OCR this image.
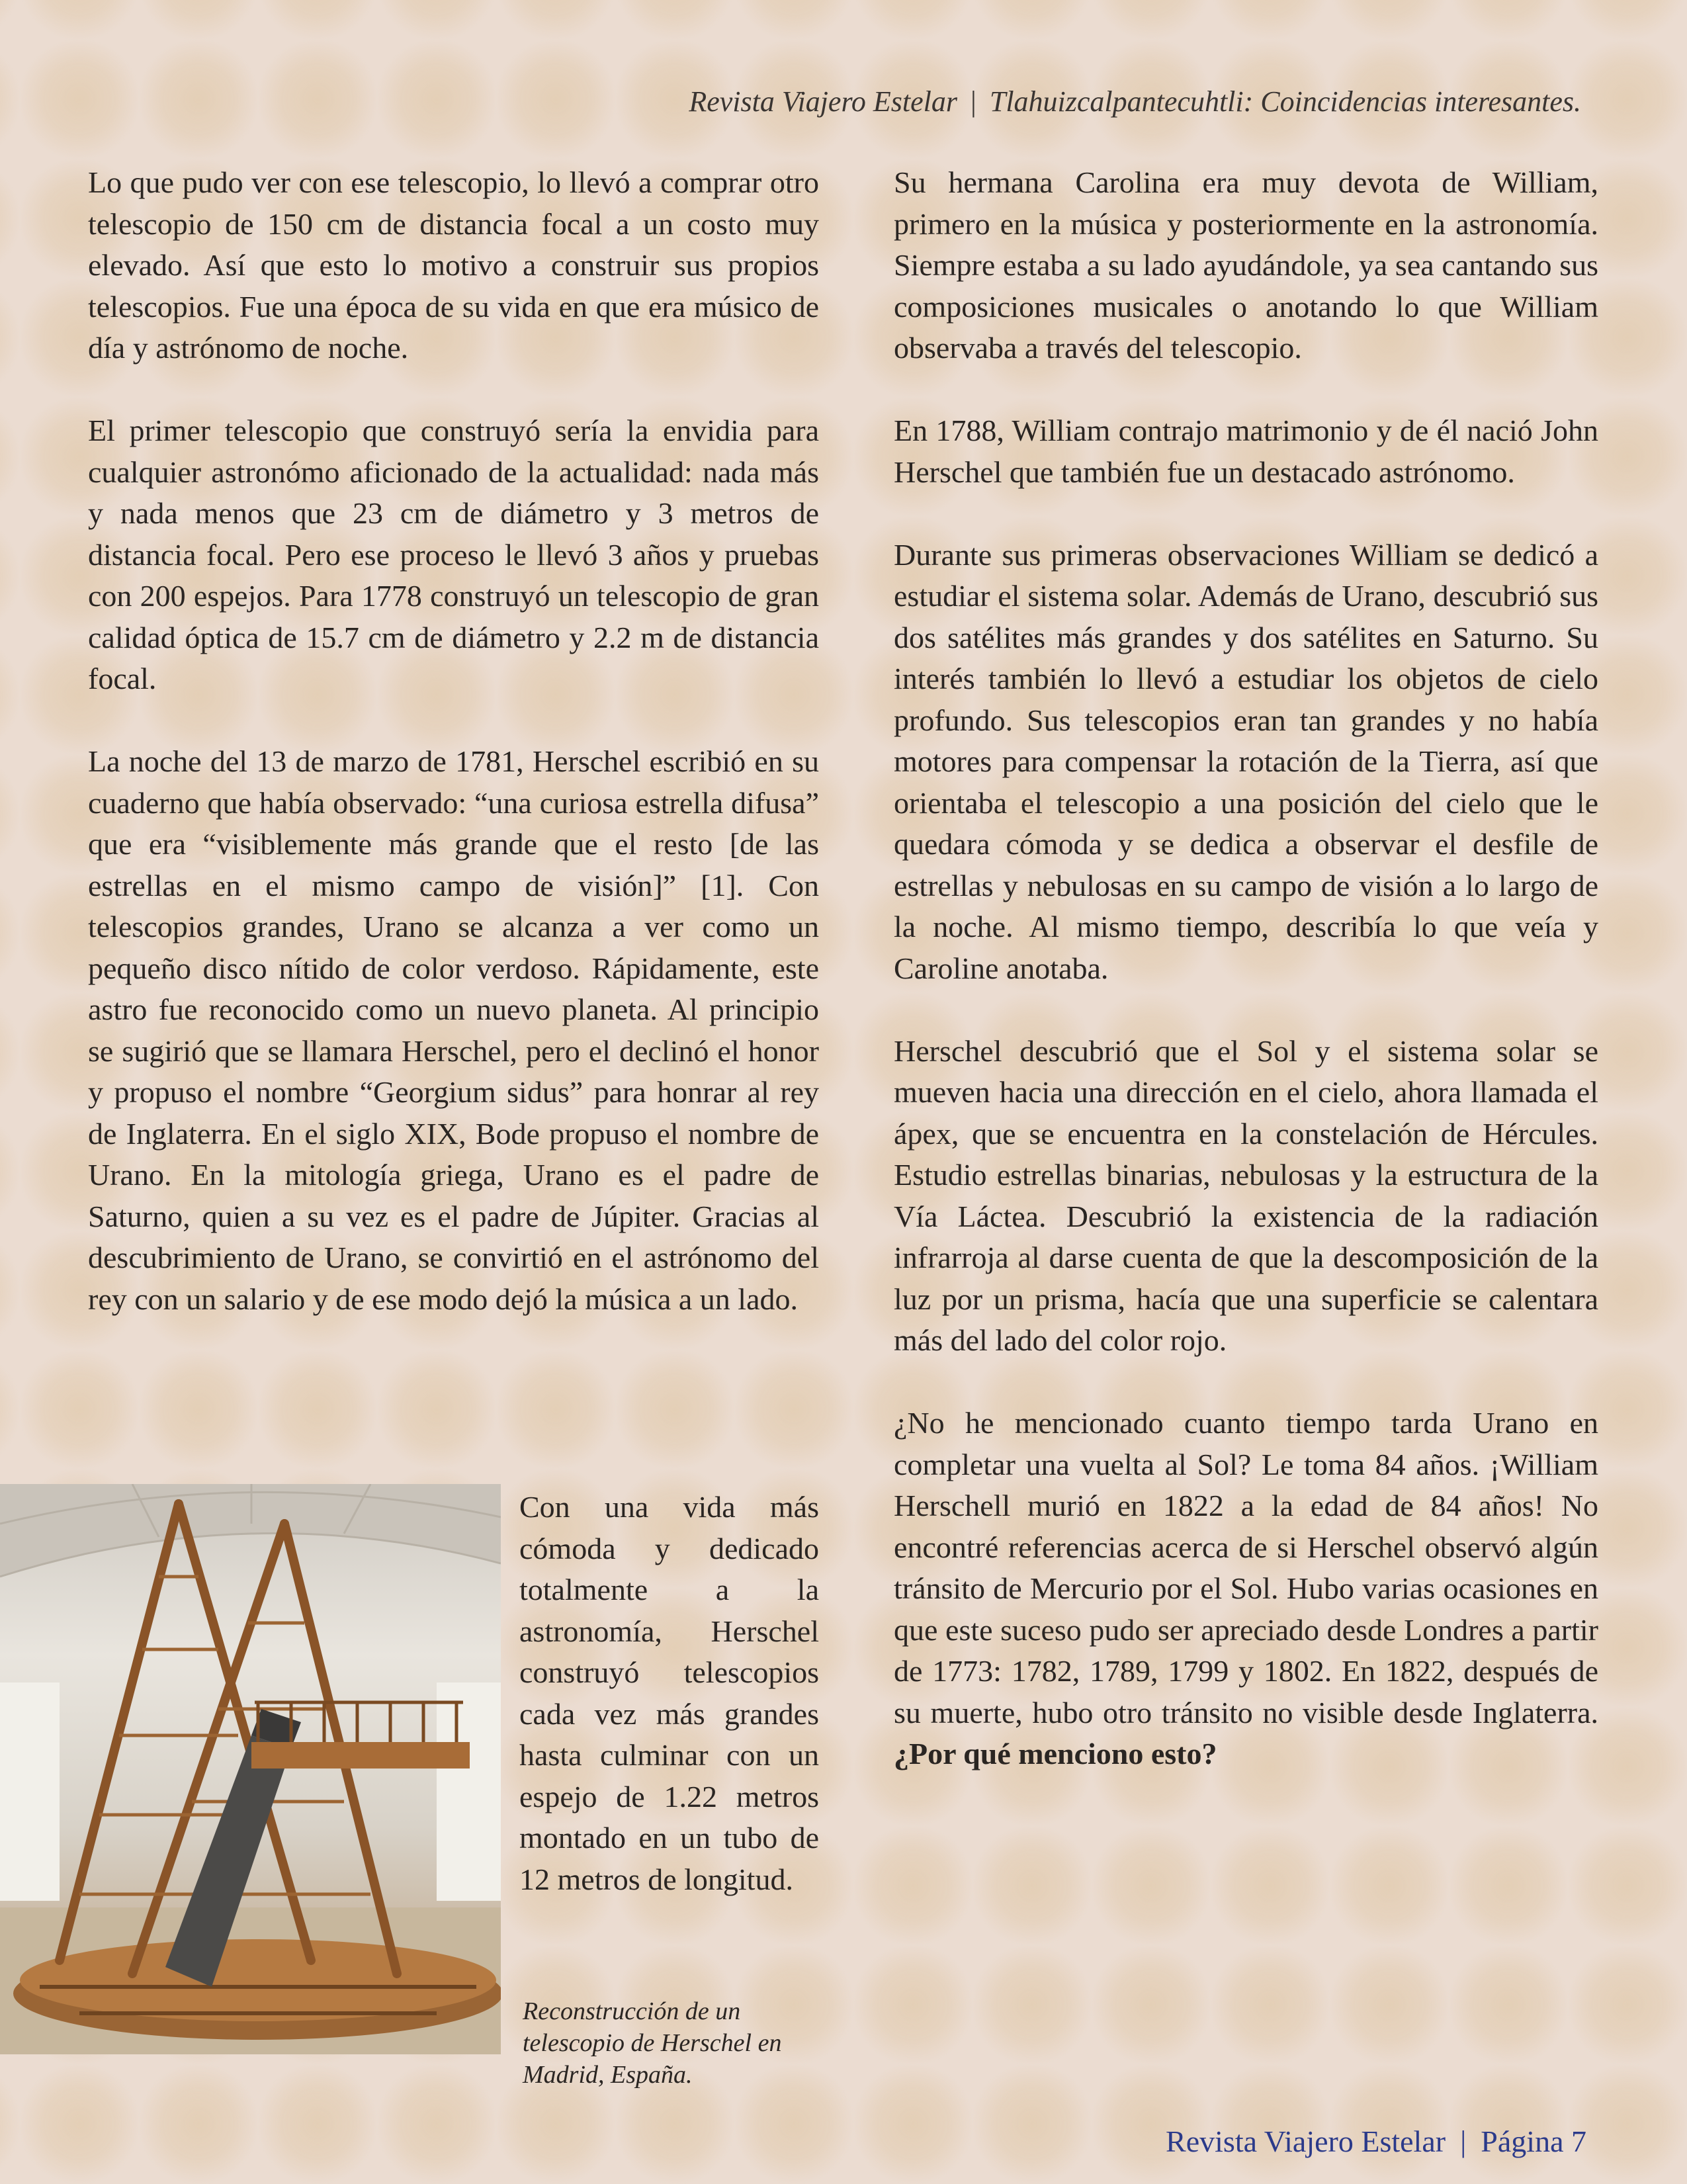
Revista Viajero Estelar | Tlahuizcalpantecuhtli: Coincidencias interesantes.

Lo que pudo ver con ese telescopio, lo llevó a comprar otro telescopio de 150 cm de distancia focal a un costo muy elevado. Así que esto lo motivo a construir sus propios telescopios. Fue una época de su vida en que era músico de día y astrónomo de noche.

El primer telescopio que construyó sería la envidia para cualquier astronómo aficionado de la actualidad: nada más y nada menos que 23 cm de diámetro y 3 metros de distancia focal. Pero ese proceso le llevó 3 años y pruebas con 200 espejos. Para 1778 construyó un telescopio de gran calidad óptica de 15.7 cm de diámetro y 2.2 m de distancia focal.

La noche del 13 de marzo de 1781, Herschel escribió en su cuaderno que había observado: “una curiosa estrella difusa” que era “visiblemente más grande que el resto [de las estrellas en el mismo campo de visión]” [1]. Con telescopios grandes, Urano se alcanza a ver como un pequeño disco nítido de color verdoso. Rápidamente, este astro fue reconocido como un nuevo planeta. Al principio se sugirió que se llamara Herschel, pero el declinó el honor y propuso el nombre “Georgium sidus” para honrar al rey de Inglaterra. En el siglo XIX, Bode propuso el nombre de Urano. En la mitología griega, Urano es el padre de Saturno, quien a su vez es el padre de Júpiter. Gracias al descubrimiento de Urano, se convirtió en el astrónomo del rey con un salario y de ese modo dejó la música a un lado.

Con una vida más cómoda y dedicado totalmente a la astronomía, Herschel construyó telescopios cada vez más grandes hasta culminar con un espejo de 1.22 metros montado en un tubo de 12 metros de longitud.
Reconstrucción de un telescopio de Herschel en Madrid, España.

Su hermana Carolina era muy devota de William, primero en la música y posteriormente en la astronomía. Siempre estaba a su lado ayudándole, ya sea cantando sus composiciones musicales o anotando lo que William observaba a través del telescopio.

En 1788, William contrajo matrimonio y de él nació John Herschel que también fue un destacado astrónomo.

Durante sus primeras observaciones William se dedicó a estudiar el sistema solar. Además de Urano, descubrió sus dos satélites más grandes y dos satélites en Saturno. Su interés también lo llevó a estudiar los objetos de cielo profundo. Sus telescopios eran tan grandes y no había motores para compensar la rotación de la Tierra, así que orientaba el telescopio a una posición del cielo que le quedara cómoda y se dedica a observar el desfile de estrellas y nebulosas en su campo de visión a lo largo de la noche. Al mismo tiempo, describía lo que veía y Caroline anotaba.

Herschel descubrió que el Sol y el sistema solar se mueven hacia una dirección en el cielo, ahora llamada el ápex, que se encuentra en la constelación de Hércules. Estudio estrellas binarias, nebulosas y la estructura de la Vía Láctea. Descubrió la existencia de la radiación infrarroja al darse cuenta de que la descomposición de la luz por un prisma, hacía que una superficie se calentara más del lado del color rojo.

¿No he mencionado cuanto tiempo tarda Urano en completar una vuelta al Sol? Le toma 84 años. ¡William Herschell murió en 1822 a la edad de 84 años! No encontré referencias acerca de si Herschel observó algún tránsito de Mercurio por el Sol. Hubo varias ocasiones en que este suceso pudo ser apreciado desde Londres a partir de 1773: 1782, 1789, 1799 y 1802. En 1822, después de su muerte, hubo otro tránsito no visible desde Inglaterra. ¿Por qué menciono esto?

Revista Viajero Estelar | Página 7
